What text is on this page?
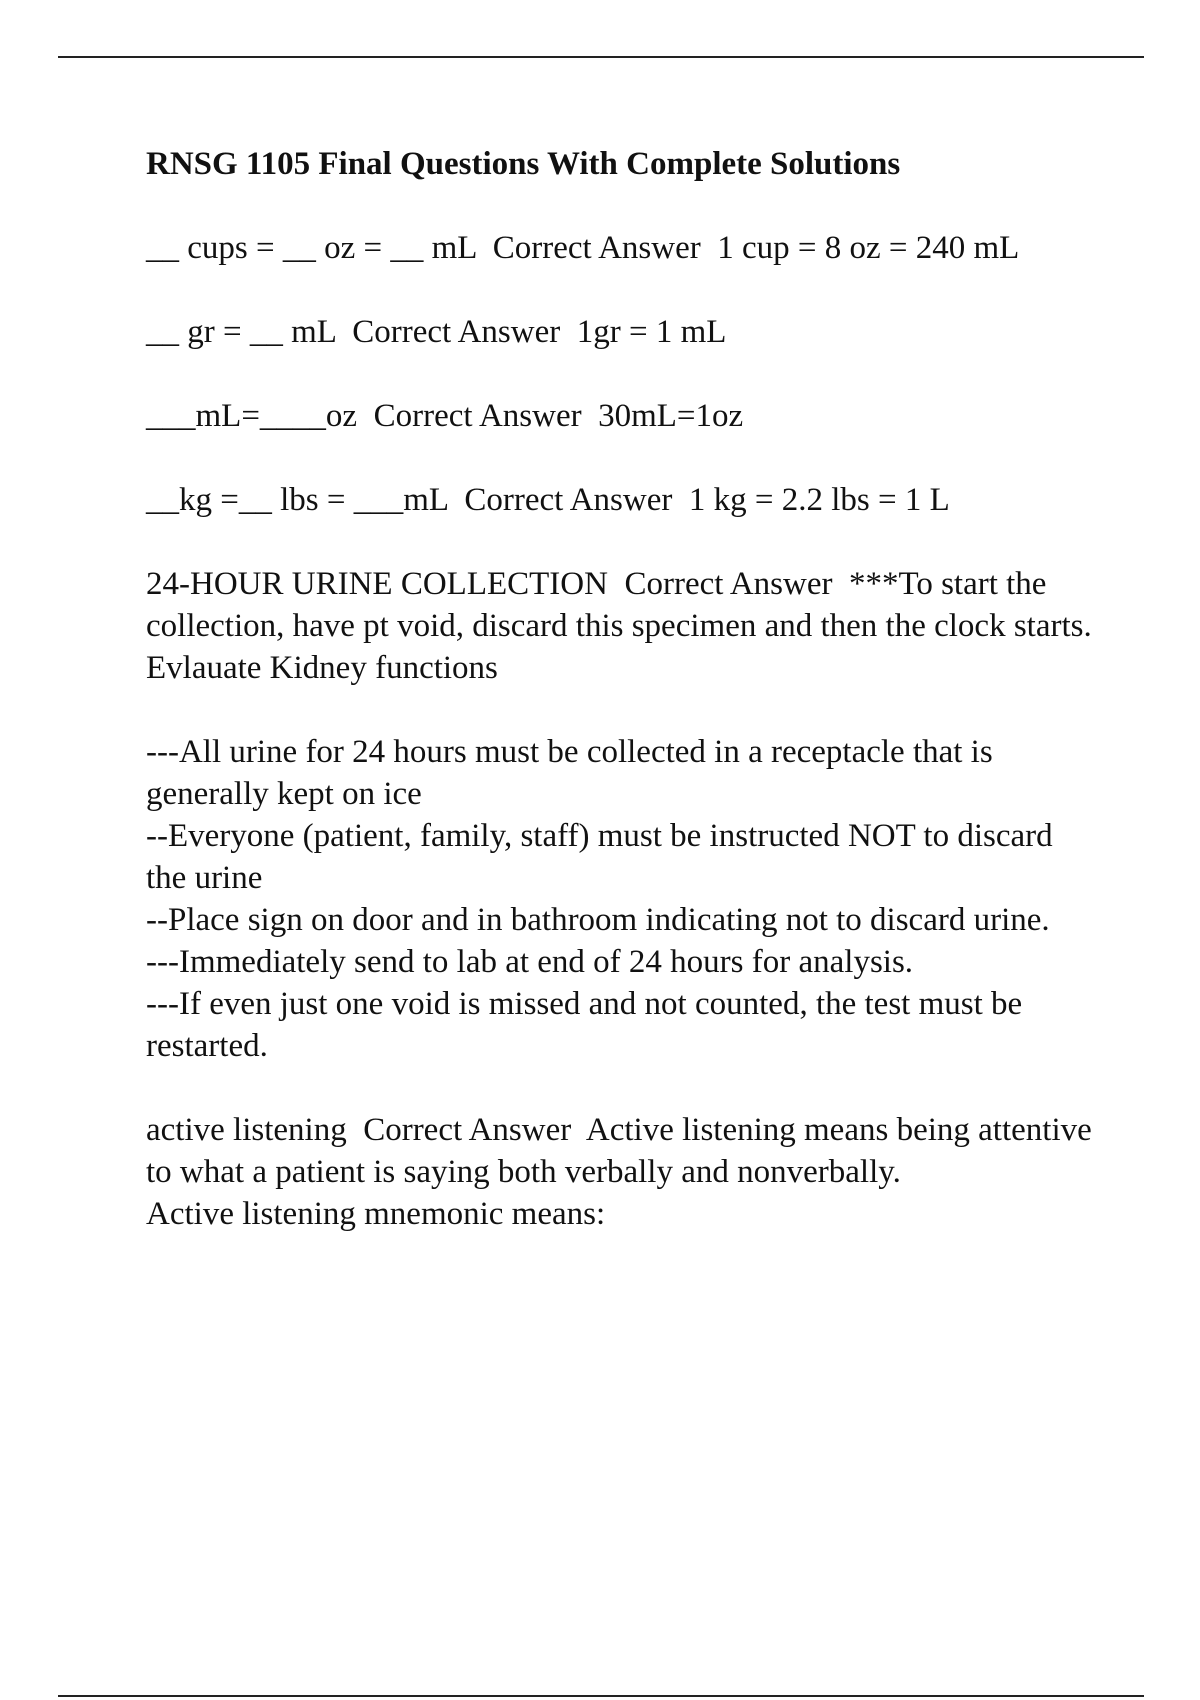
RNSG 1105 Final Questions With Complete Solutions

__ cups = __ oz = __ mL  Correct Answer  1 cup = 8 oz = 240 mL

__ gr = __ mL  Correct Answer  1gr = 1 mL

___mL=____oz  Correct Answer  30mL=1oz

__kg =__ lbs = ___mL  Correct Answer  1 kg = 2.2 lbs = 1 L

24-HOUR URINE COLLECTION  Correct Answer  ***To start the collection, have pt void, discard this specimen and then the clock starts.
Evlauate Kidney functions

---All urine for 24 hours must be collected in a receptacle that is generally kept on ice
--Everyone (patient, family, staff) must be instructed NOT to discard the urine
--Place sign on door and in bathroom indicating not to discard urine.
---Immediately send to lab at end of 24 hours for analysis.
---If even just one void is missed and not counted, the test must be restarted.

active listening  Correct Answer  Active listening means being attentive to what a patient is saying both verbally and nonverbally.
Active listening mnemonic means:
